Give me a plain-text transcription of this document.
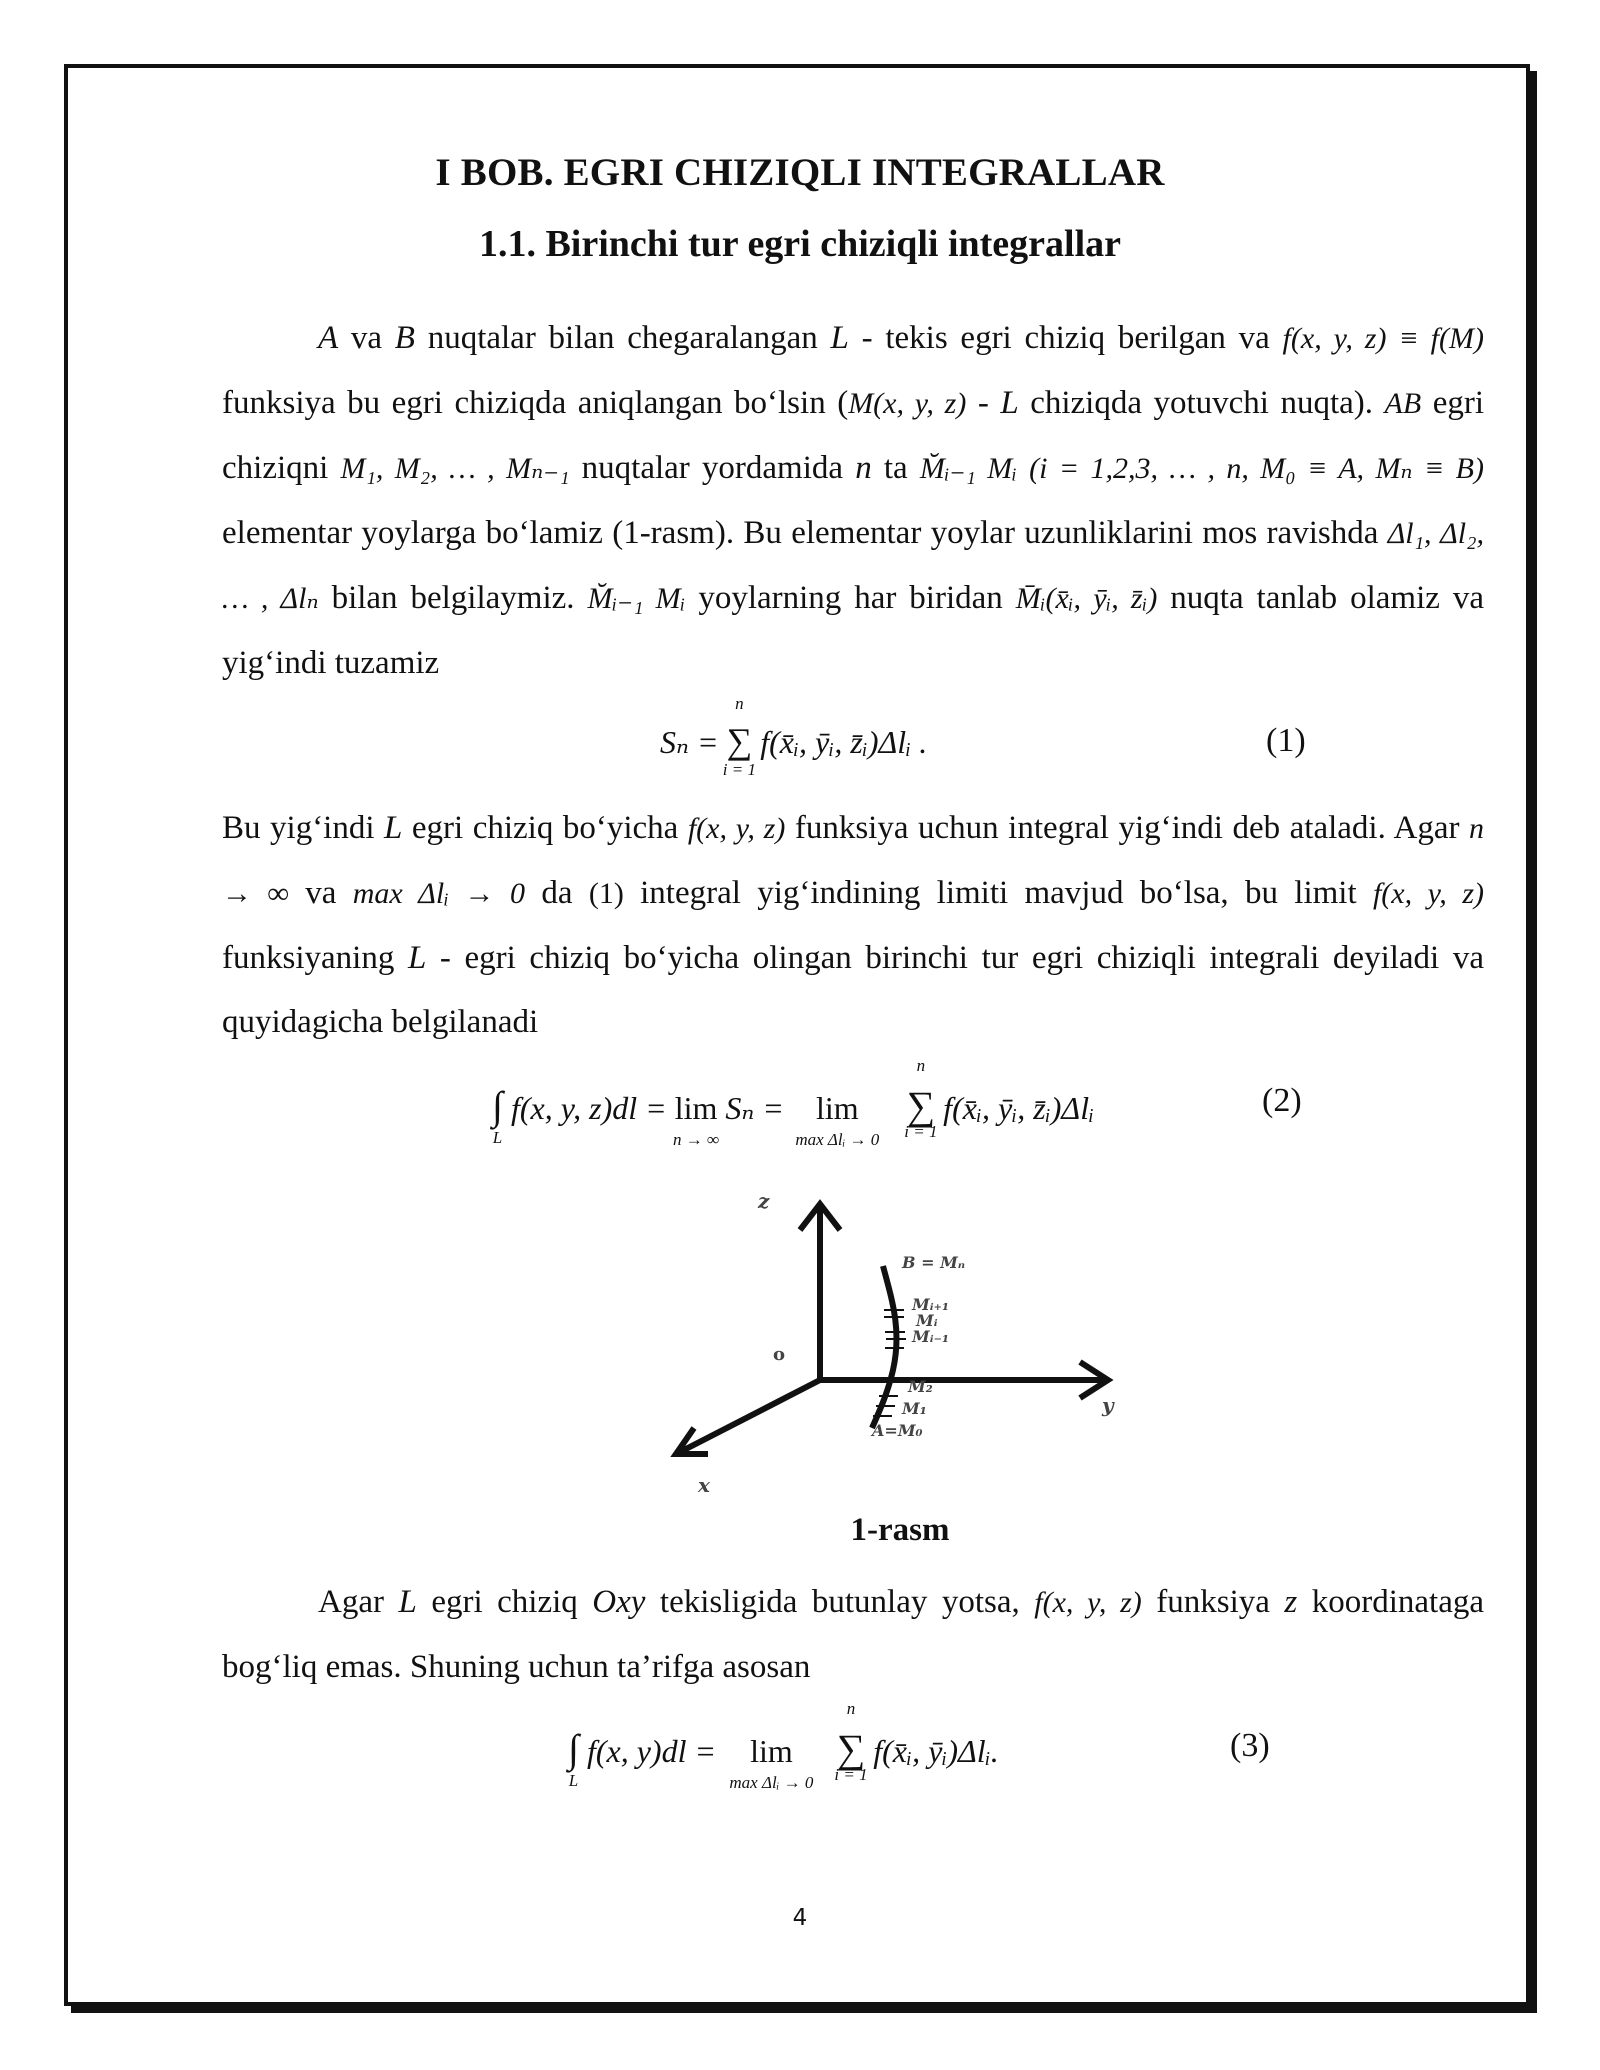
I BOB. EGRI CHIZIQLI INTEGRALLAR
1.1. Birinchi tur egri chiziqli integrallar

A va B nuqtalar bilan chegaralangan L - tekis egri chiziq berilgan va f(x, y, z) ≡ f(M) funksiya bu egri chiziqda aniqlangan bo‘lsin (M(x, y, z) - L chiziqda yotuvchi nuqta). AB egri chiziqni M₁, M₂, … , Mₙ₋₁ nuqtalar yordamida n ta M̆ᵢ₋₁ Mᵢ (i = 1,2,3, … , n, M₀ ≡ A, Mₙ ≡ B) elementar yoylarga bo‘lamiz (1-rasm). Bu elementar yoylar uzunliklarini mos ravishda Δl₁, Δl₂, … , Δlₙ bilan belgilaymiz. M̆ᵢ₋₁ Mᵢ yoylarning har biridan M̄ᵢ(x̄ᵢ, ȳᵢ, z̄ᵢ) nuqta tanlab olamiz va yig‘indi tuzamiz

Sₙ = ∑
n
i = 1
f(x̄ᵢ, ȳᵢ, z̄ᵢ)Δlᵢ .	(1)

Bu yig‘indi L egri chiziq bo‘yicha f(x, y, z) funksiya uchun integral yig‘indi deb ataladi. Agar n → ∞ va max Δlᵢ → 0 da (1) integral yig‘indining limiti mavjud bo‘lsa, bu limit f(x, y, z) funksiyaning L - egri chiziq bo‘yicha olingan birinchi tur egri chiziqli integrali deyiladi va quyidagicha belgilanadi

∫
L
f(x, y, z)dl = lim
n → ∞
Sₙ = lim
max Δlᵢ → 0
∑
n
i = 1
f(x̄ᵢ, ȳᵢ, z̄ᵢ)Δlᵢ	(2)
z
y
x
o
B = Mₙ
Mᵢ₊₁
Mᵢ
Mᵢ₋₁
M₂
M₁
A=M₀
1-rasm

Agar L egri chiziq Oxy tekisligida butunlay yotsa, f(x, y, z) funksiya z koordinataga bog‘liq emas. Shuning uchun ta’rifga asosan

∫
L
f(x, y)dl = lim
max Δlᵢ → 0
∑
n
i = 1
f(x̄ᵢ, ȳᵢ)Δlᵢ.	(3)
4
